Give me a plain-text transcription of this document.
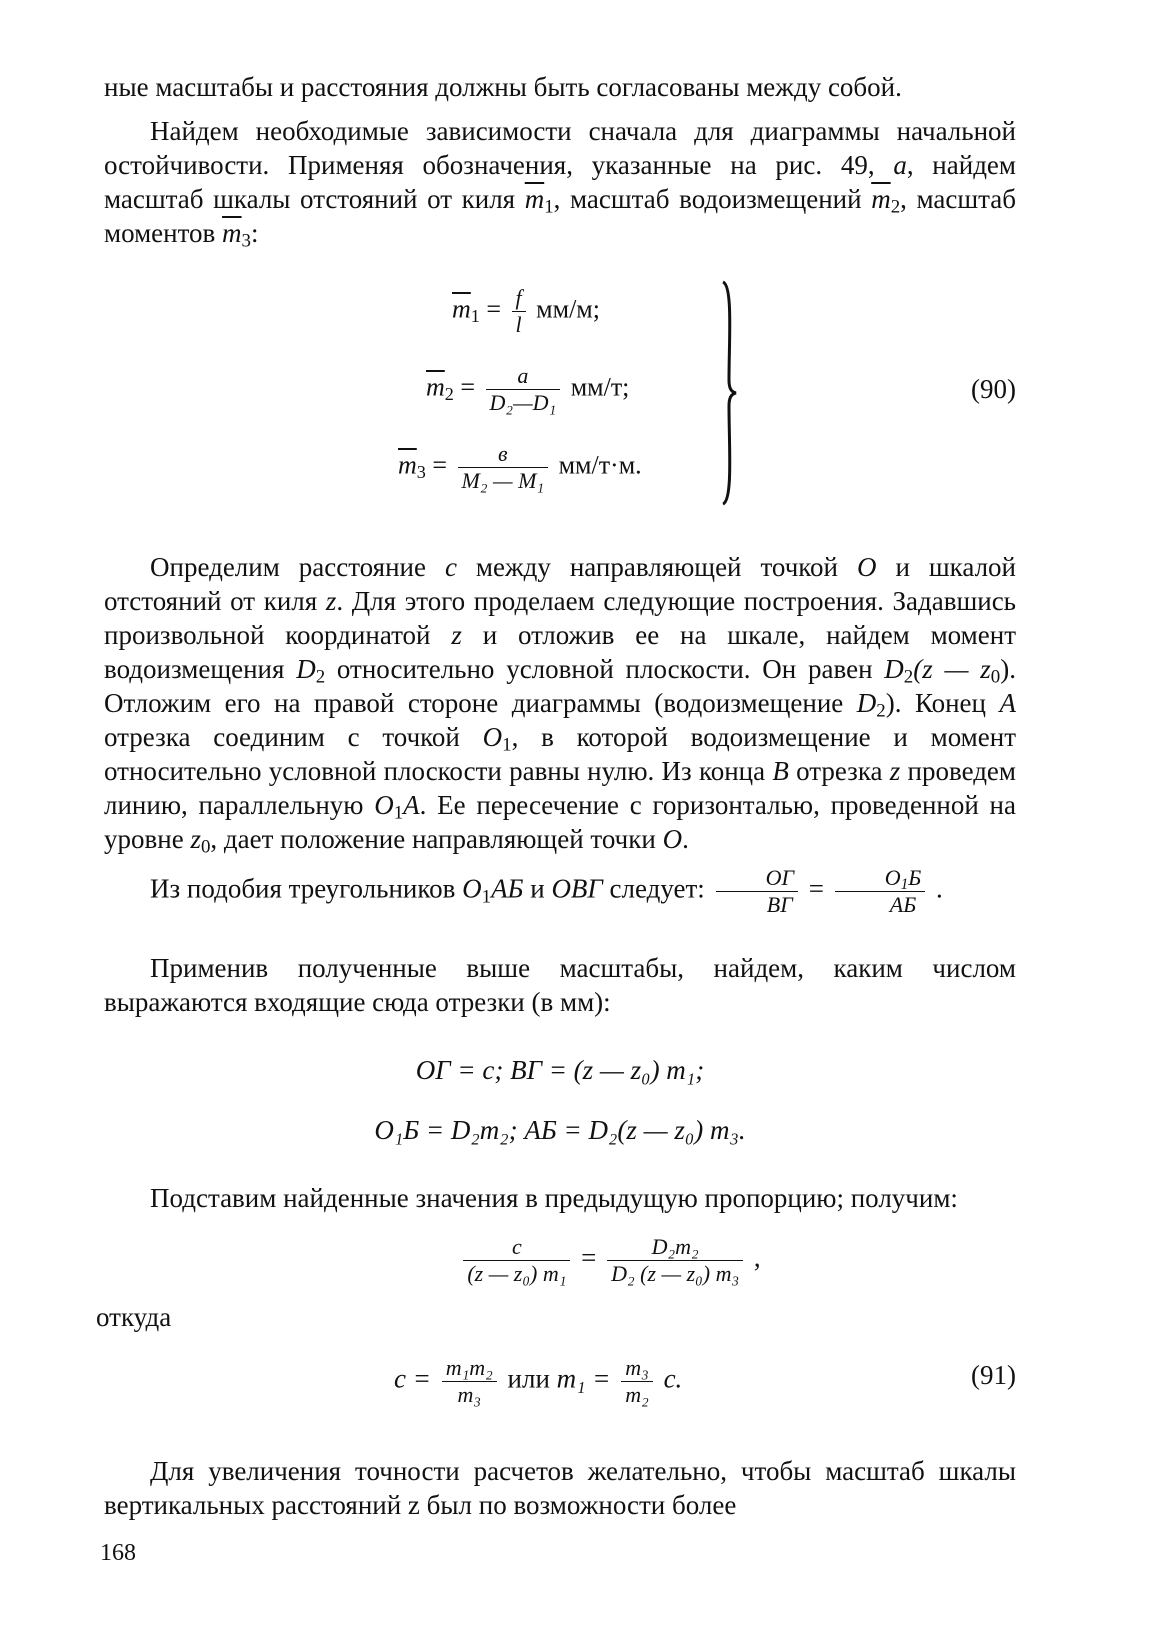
ные масштабы и расстояния должны быть согласованы между собой.

Найдем необходимые зависимости сначала для диаграммы начальной остойчивости. Применяя обозначения, указанные на рис. 49, а, найдем масштаб шкалы отстояний от киля $\overline{m}_1$, масштаб водоизмещений $\overline{m}_2$, масштаб моментов $\overline{m}_3$:

$\overline{m}_1 = \frac{f}{l} мм/м$;
$\overline{m}_2 = \frac{a}{\text{D₂—D₁}} мм/т$;
$\overline{m}_3 = \frac{в}{\text{M₂ — M₁}} мм/т\cdot м$.
(90)

Определим расстояние c между направляющей точкой O и шкалой отстояний от киля z. Для этого проделаем следующие построения. Задавшись произвольной координатой z и отложив ее на шкале, найдем момент водоизмещения $D_2$ относительно условной плоскости. Он равен $D_2(z$ — $z_0$). Отложим его на правой стороне диаграммы (водоизмещение $D_2$). Конец A отрезка соединим с точкой $O_1$, в которой водоизмещение и момент относительно условной плоскости равны нулю. Из конца B отрезка z проведем линию, параллельную $O_1A$. Ее пересечение с горизонталью, проведенной на уровне $z_0$, дает положение направляющей точки O.

Из подобия треугольников $O_1АБ$ и OВГ следует: $\frac{OГ}{ВГ} = \frac{O_1Б}{АБ}$ .

Применив полученные выше масштабы, найдем, каким числом выражаются входящие сюда отрезки (в мм):

OГ = c; ВГ = (z — z₀) m₁;
O₁Б = D₂m₂; АБ = D₂(z — z₀) m₃.

Подставим найденные значения в предыдущую пропорцию; получим:

$\frac{c}{\text{(z — z₀) m₁}} = \frac{\text{D₂m₂}}{\text{D₂ (z — z₀) m₃}}$ ,

откуда

$c = \frac{\text{m₁m₂}}{\text{m₃}}$ или $m_1 = \frac{\text{m₃}}{\text{m₂}} c$.	(91)

Для увеличения точности расчетов желательно, чтобы масштаб шкалы вертикальных расстояний z был по возможности более

168
